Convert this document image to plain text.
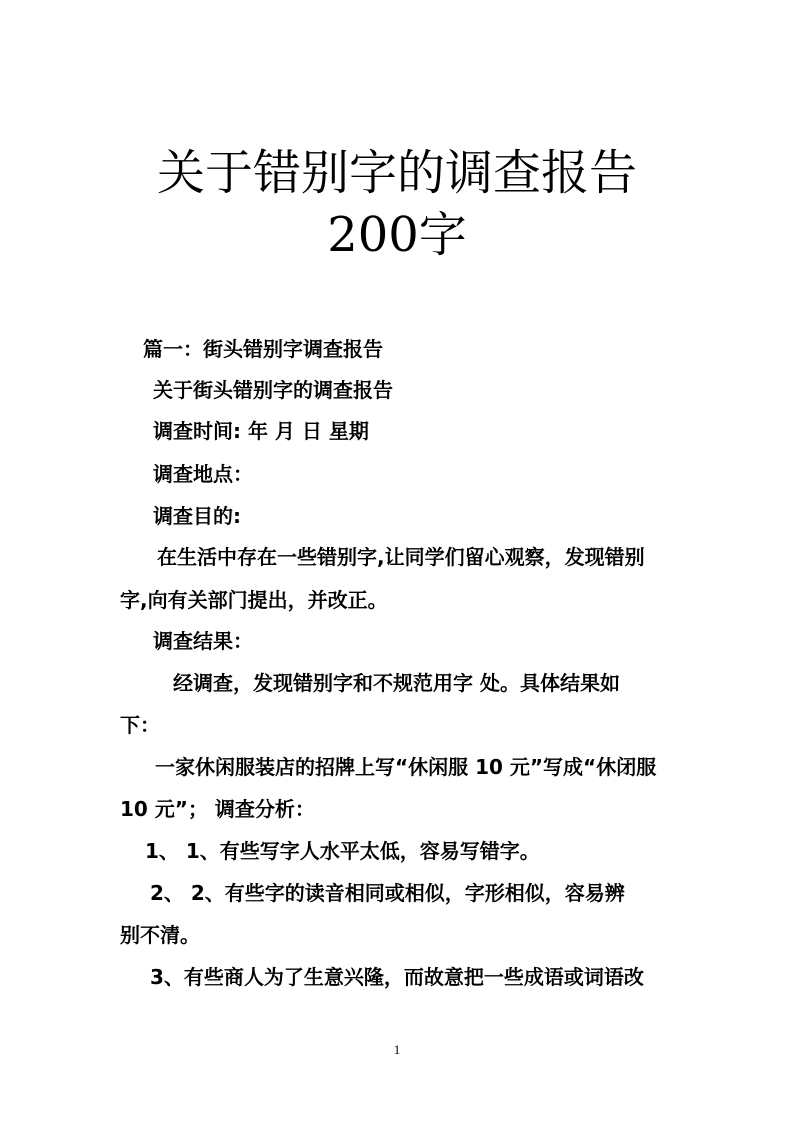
关于错别字的调查报告
200字
篇一：街头错别字调查报告
关于街头错别字的调查报告
调查时间: 年 月 日 星期
调查地点：
调查目的:
在生活中存在一些错别字,让同学们留心观察，发现错别
字,向有关部门提出，并改正。
调查结果：
经调查，发现错别字和不规范用字 处。具体结果如
下：
一家休闲服装店的招牌上写“休闲服 10 元”写成“休闭服
10 元”； 调查分析：
1、 1、有些写字人水平太低，容易写错字。
2、 2、有些字的读音相同或相似，字形相似，容易辨
别不清。
3、有些商人为了生意兴隆，而故意把一些成语或词语改
1
